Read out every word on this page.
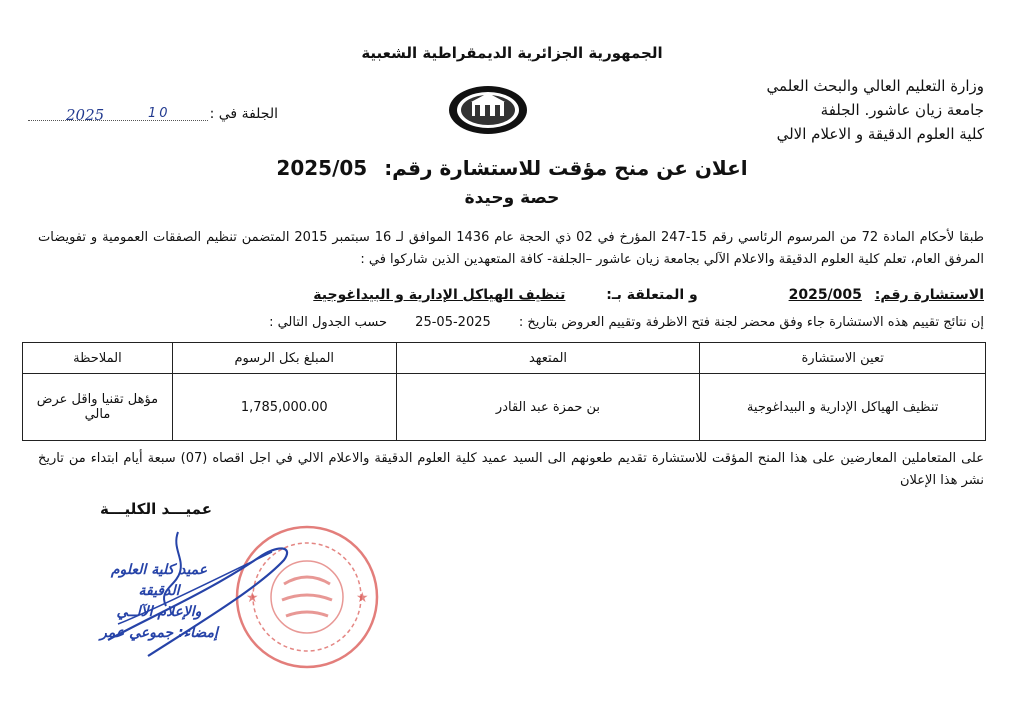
الجمهورية الجزائرية الديمقراطية الشعبية
وزارة التعليم العالي والبحث العلمي
جامعة زيان عاشور. الجلفة
كلية العلوم الدقيقة و الاعلام الالي
الجلفة في :
2025	10
اعلان عن منح مؤقت للاستشارة رقم: 2025/05
حصة وحيدة
طبقا لأحكام المادة 72 من المرسوم الرئاسي رقم 15-247 المؤرخ في 02 ذي الحجة عام 1436 الموافق لـ 16 سبتمبر 2015 المتضمن تنظيم الصفقات العمومية و تفويضات المرفق العام، تعلم كلية العلوم الدقيقة والاعلام الآلي بجامعة زيان عاشور –الجلفة- كافة المتعهدين الذين شاركوا في :
الاستشارة رقم: 2025/005 و المتعلقة بـ: تنظيف الهياكل الإدارية و البيداغوجية
إن نتائج تقييم هذه الاستشارة جاء وفق محضر لجنة فتح الاظرفة وتقييم العروض بتاريخ : 2025-05-25 حسب الجدول التالي :
تعين الاستشارة	المتعهد	المبلغ بكل الرسوم	الملاحظة
تنظيف الهياكل الإدارية و البيداغوجية	بن حمزة عبد القادر	1,785,000.00	مؤهل تقنيا واقل عرض مالي
على المتعاملين المعارضين على هذا المنح المؤقت للاستشارة تقديم طعونهم الى السيد عميد كلية العلوم الدقيقة والاعلام الالي في اجل اقصاه (07) سبعة أيام ابتداء من تاريخ نشر هذا الإعلان
عميـــد الكليـــة
★	★
عميد كلية العلوم الدقيقة
والإعلام الآلــي
إمضاء: جموعي عمر
